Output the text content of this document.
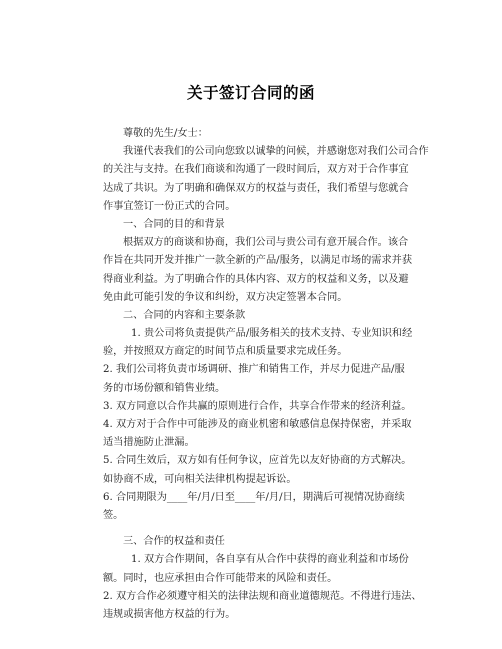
关于签订合同的函
尊敬的先生/女士：
我谨代表我们的公司向您致以诚挚的问候，并感谢您对我们公司合作
的关注与支持。在我们商谈和沟通了一段时间后，双方对于合作事宜
达成了共识。为了明确和确保双方的权益与责任，我们希望与您就合
作事宜签订一份正式的合同。
一、合同的目的和背景
根据双方的商谈和协商，我们公司与贵公司有意开展合作。该合
作旨在共同开发并推广一款全新的产品/服务，以满足市场的需求并获
得商业利益。为了明确合作的具体内容、双方的权益和义务，以及避
免由此可能引发的争议和纠纷，双方决定签署本合同。
二、合同的内容和主要条款
1. 贵公司将负责提供产品/服务相关的技术支持、专业知识和经
验，并按照双方商定的时间节点和质量要求完成任务。
2. 我们公司将负责市场调研、推广和销售工作，并尽力促进产品/服
务的市场份额和销售业绩。
3. 双方同意以合作共赢的原则进行合作，共享合作带来的经济利益。
4. 双方对于合作中可能涉及的商业机密和敏感信息保持保密，并采取
适当措施防止泄漏。
5. 合同生效后，双方如有任何争议，应首先以友好协商的方式解决。
如协商不成，可向相关法律机构提起诉讼。
6. 合同期限为____年/月/日至____年/月/日，期满后可视情况协商续
签。
三、合作的权益和责任
1. 双方合作期间，各自享有从合作中获得的商业利益和市场份
额。同时，也应承担由合作可能带来的风险和责任。
2. 双方合作必须遵守相关的法律法规和商业道德规范。不得进行违法、
违规或损害他方权益的行为。
